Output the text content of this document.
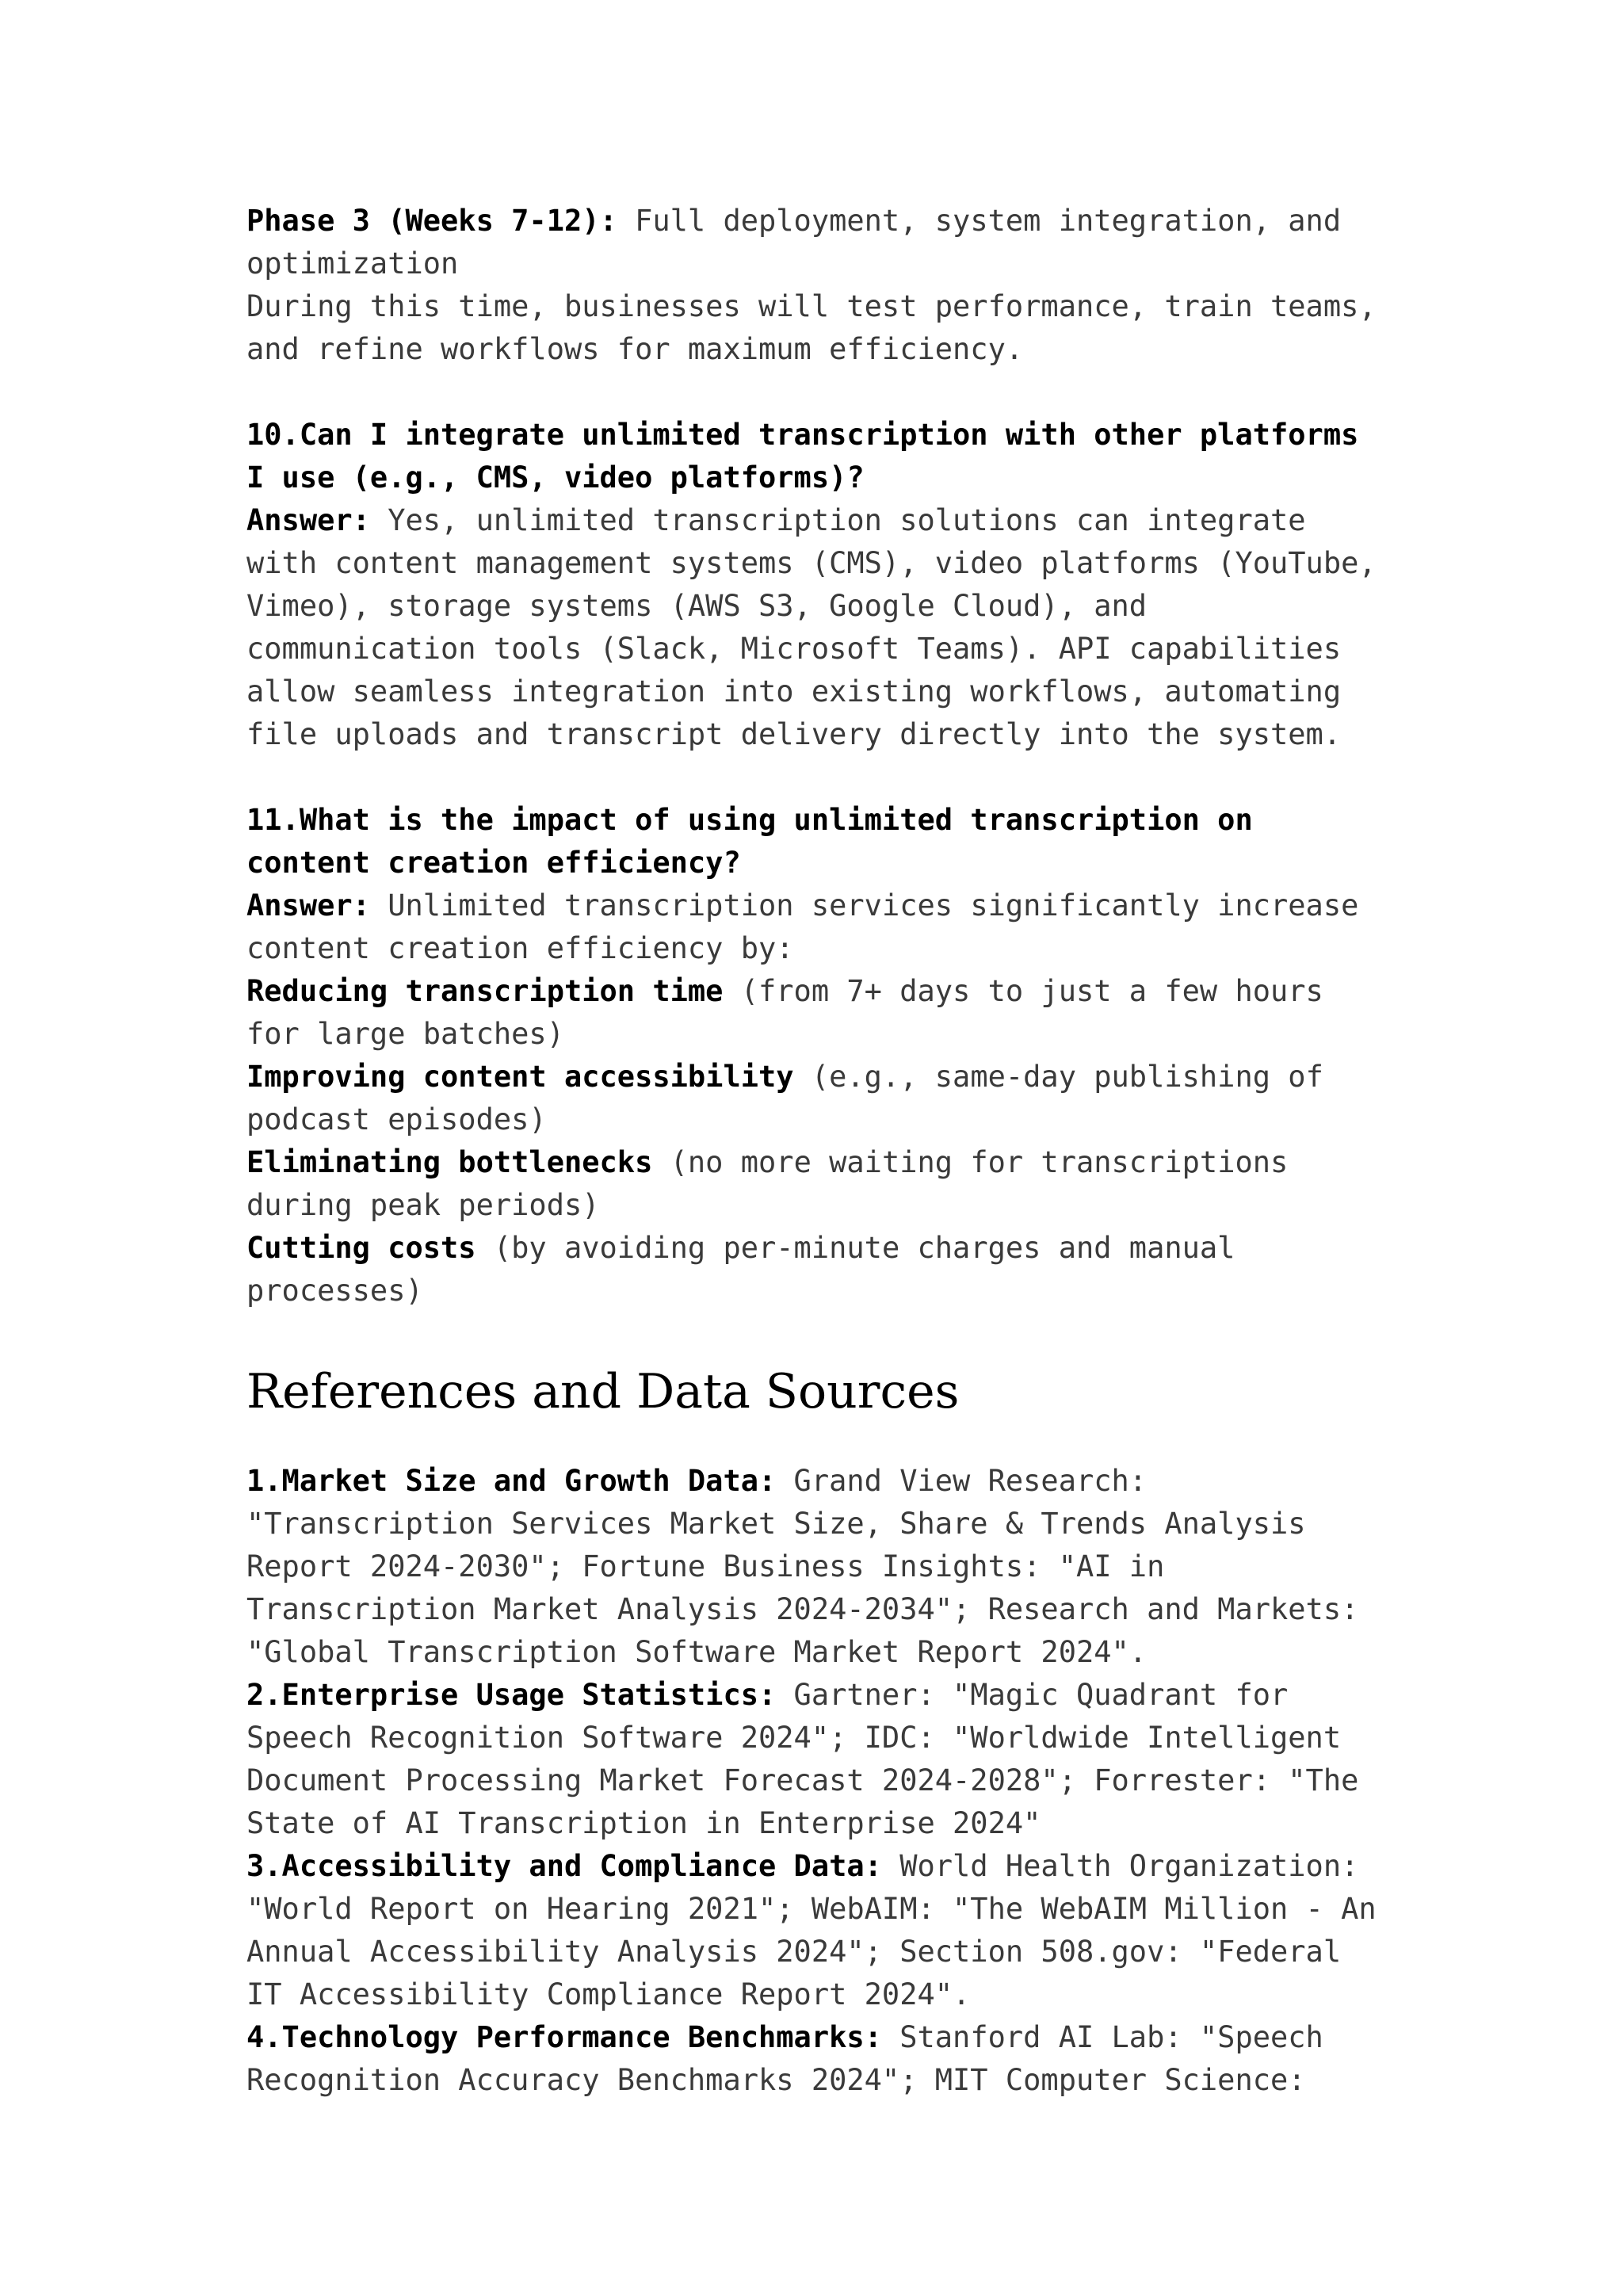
Phase 3 (Weeks 7-12): Full deployment, system integration, and optimization

During this time, businesses will test performance, train teams, and refine workflows for maximum efficiency.

10.Can I integrate unlimited transcription with other platforms I use (e.g., CMS, video platforms)?

Answer: Yes, unlimited transcription solutions can integrate with content management systems (CMS), video platforms (YouTube, Vimeo), storage systems (AWS S3, Google Cloud), and communication tools (Slack, Microsoft Teams). API capabilities allow seamless integration into existing workflows, automating file uploads and transcript delivery directly into the system.

11.What is the impact of using unlimited transcription on content creation efficiency?

Answer: Unlimited transcription services significantly increase content creation efficiency by:

Reducing transcription time (from 7+ days to just a few hours for large batches)

Improving content accessibility (e.g., same-day publishing of podcast episodes)

Eliminating bottlenecks (no more waiting for transcriptions during peak periods)

Cutting costs (by avoiding per-minute charges and manual processes)

References and Data Sources

1.Market Size and Growth Data: Grand View Research: "Transcription Services Market Size, Share & Trends Analysis Report 2024-2030"; Fortune Business Insights: "AI in Transcription Market Analysis 2024-2034"; Research and Markets: "Global Transcription Software Market Report 2024".

2.Enterprise Usage Statistics: Gartner: "Magic Quadrant for Speech Recognition Software 2024"; IDC: "Worldwide Intelligent Document Processing Market Forecast 2024-2028"; Forrester: "The State of AI Transcription in Enterprise 2024"

3.Accessibility and Compliance Data: World Health Organization: "World Report on Hearing 2021"; WebAIM: "The WebAIM Million - An Annual Accessibility Analysis 2024"; Section 508.gov: "Federal IT Accessibility Compliance Report 2024".

4.Technology Performance Benchmarks: Stanford AI Lab: "Speech Recognition Accuracy Benchmarks 2024"; MIT Computer Science:
